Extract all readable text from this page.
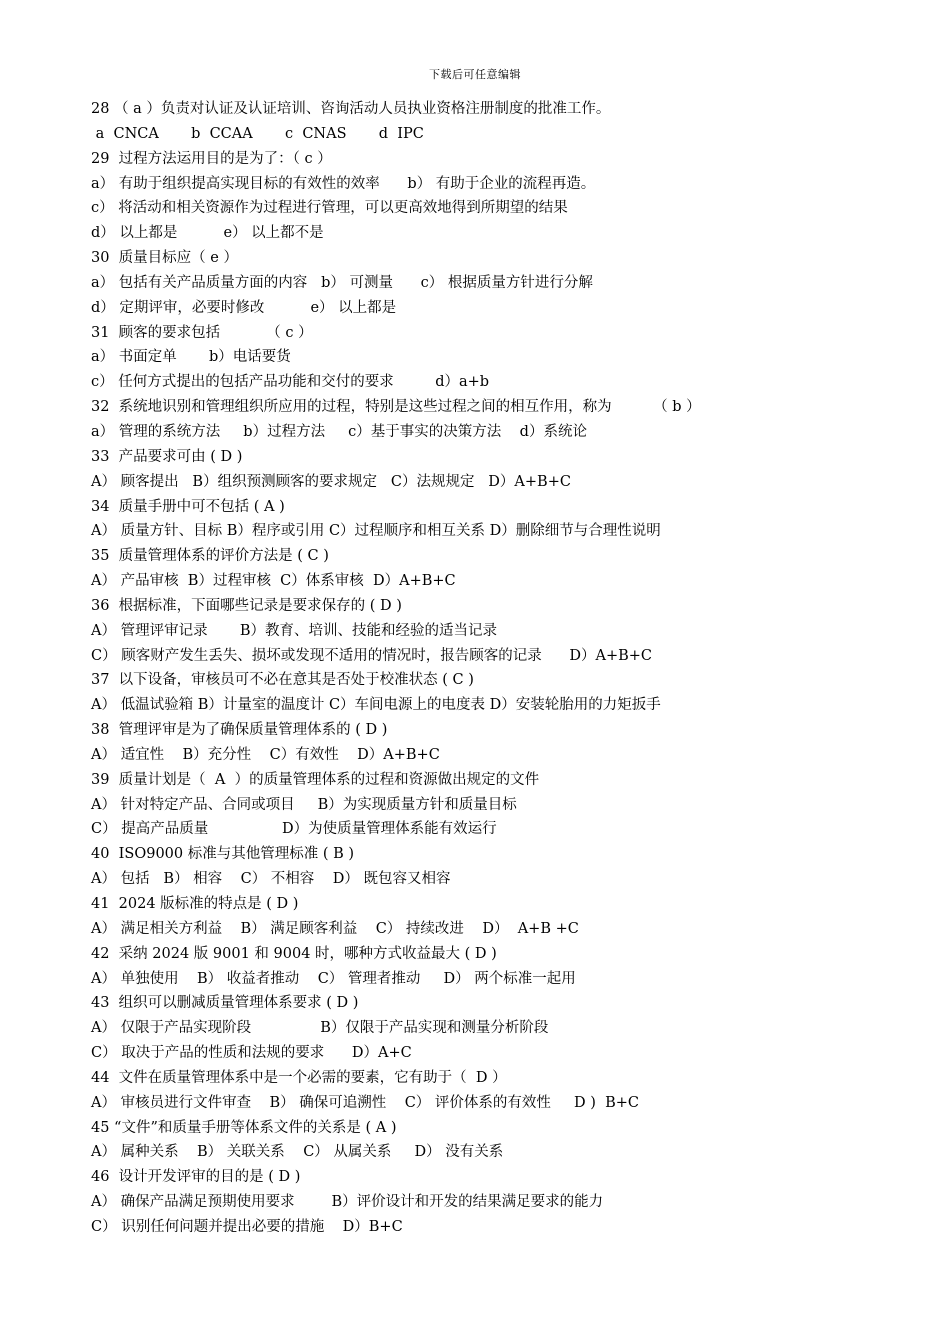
下载后可任意编辑
28 （ a ）负责对认证及认证培训、咨询活动人员执业资格注册制度的批准工作。
a  CNCA       b  CCAA       c  CNAS       d  IPC
29  过程方法运用目的是为了：（ c ）
a） 有助于组织提高实现目标的有效性的效率      b） 有助于企业的流程再造。
c） 将活动和相关资源作为过程进行管理，可以更高效地得到所期望的结果
d） 以上都是          e） 以上都不是
30  质量目标应（ e ）
a） 包括有关产品质量方面的内容   b） 可测量      c） 根据质量方针进行分解
d） 定期评审，必要时修改          e） 以上都是
31  顾客的要求包括          （ c ）
a） 书面定单       b）电话要货
c） 任何方式提出的包括产品功能和交付的要求         d）a+b
32  系统地识别和管理组织所应用的过程，特别是这些过程之间的相互作用，称为         （ b ）
a） 管理的系统方法     b）过程方法     c）基于事实的决策方法    d）系统论
33  产品要求可由 ( D )
A） 顾客提出   B）组织预测顾客的要求规定   C）法规规定   D）A+B+C
34  质量手册中可不包括 ( A )
A） 质量方针、目标 B）程序或引用 C）过程顺序和相互关系 D）删除细节与合理性说明
35  质量管理体系的评价方法是 ( C )
A） 产品审核  B）过程审核  C）体系审核  D）A+B+C
36  根据标准，下面哪些记录是要求保存的 ( D )
A） 管理评审记录       B）教育、培训、技能和经验的适当记录
C） 顾客财产发生丢失、损坏或发现不适用的情况时，报告顾客的记录      D）A+B+C
37  以下设备，审核员可不必在意其是否处于校准状态 ( C )
A） 低温试验箱 B）计量室的温度计 C）车间电源上的电度表 D）安装轮胎用的力矩扳手
38  管理评审是为了确保质量管理体系的 ( D )
A） 适宜性    B）充分性    C）有效性    D）A+B+C
39  质量计划是（  A  ）的质量管理体系的过程和资源做出规定的文件
A） 针对特定产品、合同或项目     B）为实现质量方针和质量目标
C） 提高产品质量                D）为使质量管理体系能有效运行
40  ISO9000 标准与其他管理标准 ( B )
A） 包括   B） 相容    C） 不相容    D） 既包容又相容
41  2024 版标准的特点是 ( D )
A） 满足相关方利益    B） 满足顾客利益    C） 持续改进    D）  A+B +C
42  采纳 2024 版 9001 和 9004 时，哪种方式收益最大 ( D )
A） 单独使用    B） 收益者推动    C） 管理者推动     D） 两个标准一起用
43  组织可以删减质量管理体系要求 ( D )
A） 仅限于产品实现阶段               B）仅限于产品实现和测量分析阶段
C） 取决于产品的性质和法规的要求      D）A+C
44  文件在质量管理体系中是一个必需的要素，它有助于（  D ）
A） 审核员进行文件审查    B） 确保可追溯性    C） 评价体系的有效性     D )  B+C
45 “文件”和质量手册等体系文件的关系是 ( A )
A） 属种关系    B） 关联关系    C） 从属关系     D） 没有关系
46  设计开发评审的目的是 ( D )
A） 确保产品满足预期使用要求        B）评价设计和开发的结果满足要求的能力
C） 识别任何问题并提出必要的措施    D）B+C
